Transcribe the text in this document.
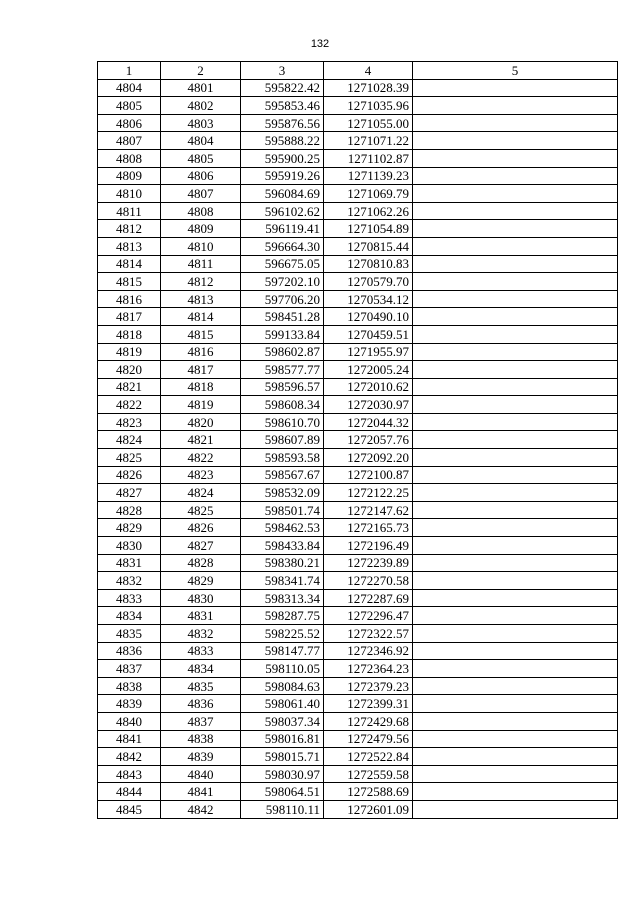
132
1	2	3	4	5
4804	4801	595822.42	1271028.39	
4805	4802	595853.46	1271035.96	
4806	4803	595876.56	1271055.00	
4807	4804	595888.22	1271071.22	
4808	4805	595900.25	1271102.87	
4809	4806	595919.26	1271139.23	
4810	4807	596084.69	1271069.79	
4811	4808	596102.62	1271062.26	
4812	4809	596119.41	1271054.89	
4813	4810	596664.30	1270815.44	
4814	4811	596675.05	1270810.83	
4815	4812	597202.10	1270579.70	
4816	4813	597706.20	1270534.12	
4817	4814	598451.28	1270490.10	
4818	4815	599133.84	1270459.51	
4819	4816	598602.87	1271955.97	
4820	4817	598577.77	1272005.24	
4821	4818	598596.57	1272010.62	
4822	4819	598608.34	1272030.97	
4823	4820	598610.70	1272044.32	
4824	4821	598607.89	1272057.76	
4825	4822	598593.58	1272092.20	
4826	4823	598567.67	1272100.87	
4827	4824	598532.09	1272122.25	
4828	4825	598501.74	1272147.62	
4829	4826	598462.53	1272165.73	
4830	4827	598433.84	1272196.49	
4831	4828	598380.21	1272239.89	
4832	4829	598341.74	1272270.58	
4833	4830	598313.34	1272287.69	
4834	4831	598287.75	1272296.47	
4835	4832	598225.52	1272322.57	
4836	4833	598147.77	1272346.92	
4837	4834	598110.05	1272364.23	
4838	4835	598084.63	1272379.23	
4839	4836	598061.40	1272399.31	
4840	4837	598037.34	1272429.68	
4841	4838	598016.81	1272479.56	
4842	4839	598015.71	1272522.84	
4843	4840	598030.97	1272559.58	
4844	4841	598064.51	1272588.69	
4845	4842	598110.11	1272601.09	
